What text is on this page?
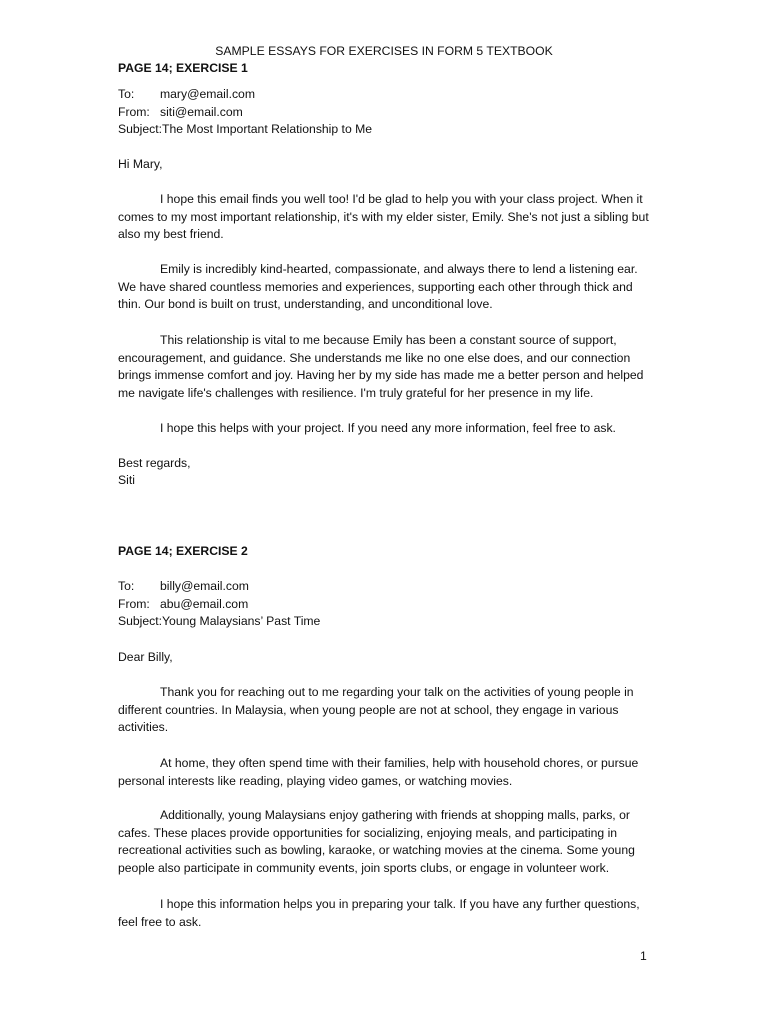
SAMPLE ESSAYS FOR EXERCISES IN FORM 5 TEXTBOOK
PAGE 14; EXERCISE 1
To:	mary@email.com
From: siti@email.com
Subject: The Most Important Relationship to Me
Hi Mary,

I hope this email finds you well too! I'd be glad to help you with your class project. When it comes to my most important relationship, it's with my elder sister, Emily. She's not just a sibling but also my best friend.

Emily is incredibly kind-hearted, compassionate, and always there to lend a listening ear. We have shared countless memories and experiences, supporting each other through thick and thin. Our bond is built on trust, understanding, and unconditional love.

This relationship is vital to me because Emily has been a constant source of support, encouragement, and guidance. She understands me like no one else does, and our connection brings immense comfort and joy. Having her by my side has made me a better person and helped me navigate life's challenges with resilience. I'm truly grateful for her presence in my life.

I hope this helps with your project. If you need any more information, feel free to ask.

Best regards,
Siti
PAGE 14; EXERCISE 2
To:	billy@email.com
From: abu@email.com
Subject: Young Malaysians’ Past Time
Dear Billy,

Thank you for reaching out to me regarding your talk on the activities of young people in different countries. In Malaysia, when young people are not at school, they engage in various activities.

At home, they often spend time with their families, help with household chores, or pursue personal interests like reading, playing video games, or watching movies.

Additionally, young Malaysians enjoy gathering with friends at shopping malls, parks, or cafes. These places provide opportunities for socializing, enjoying meals, and participating in recreational activities such as bowling, karaoke, or watching movies at the cinema. Some young people also participate in community events, join sports clubs, or engage in volunteer work.

I hope this information helps you in preparing your talk. If you have any further questions, feel free to ask.

1
